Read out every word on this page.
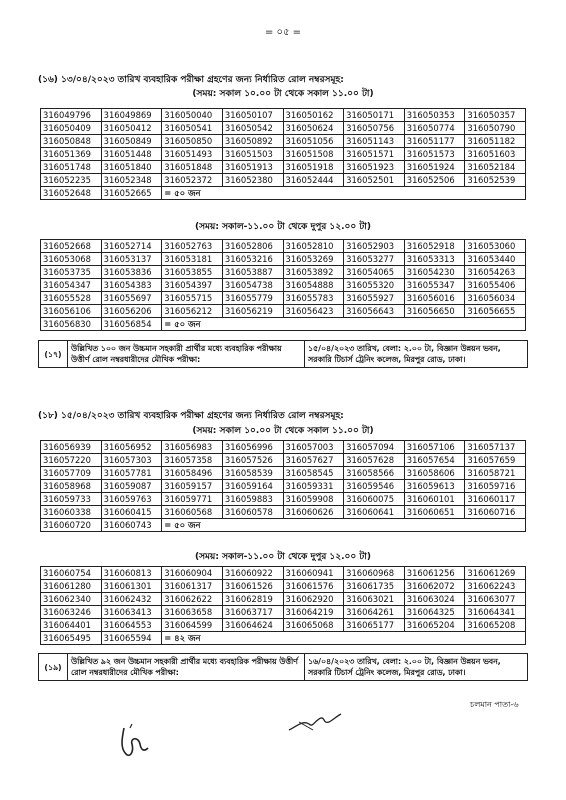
= ০৫ =
(১৬) ১৩/০৪/২০২৩ তারিখ ব্যবহারিক পরীক্ষা গ্রহণের জন্য নির্ধারিত রোল নম্বরসমূহ:
(সময়: সকাল ১০.০০ টা থেকে সকাল ১১.০০ টা)
316049796	316049869	316050040	316050107	316050162	316050171	316050353	316050357
316050409	316050412	316050541	316050542	316050624	316050756	316050774	316050790
316050848	316050849	316050850	316050892	316051056	316051143	316051177	316051182
316051369	316051448	316051493	316051503	316051508	316051571	316051573	316051603
316051748	316051840	316051848	316051913	316051918	316051923	316051924	316052184
316052235	316052348	316052372	316052380	316052444	316052501	316052506	316052539
316052648	316052665	= ৫০ জন					
(সময়: সকাল-১১.০০ টা থেকে দুপুর ১২.০০ টা)
316052668	316052714	316052763	316052806	316052810	316052903	316052918	316053060
316053068	316053137	316053181	316053216	316053269	316053277	316053313	316053440
316053735	316053836	316053855	316053887	316053892	316054065	316054230	316054263
316054347	316054383	316054397	316054738	316054888	316055320	316055347	316055406
316055528	316055697	316055715	316055779	316055783	316055927	316056016	316056034
316056106	316056206	316056212	316056219	316056423	316056643	316056650	316056655
316056830	316056854	= ৫০ জন					
(১৭)	উল্লিখিত ১০০ জন উচ্চমান সহকারী প্রার্থীর মধ্যে ব্যবহারিক পরীক্ষায় উত্তীর্ণ রোল নম্বরধারীদের মৌখিক পরীক্ষা:	১৫/০৪/২০২৩ তারিখ, বেলা: ২.০০ টা, বিজ্ঞান উন্নয়ন ভবন, সরকারি টিচার্স ট্রেনিং কলেজ, মিরপুর রোড, ঢাকা।
(১৮) ১৫/০৪/২০২৩ তারিখ ব্যবহারিক পরীক্ষা গ্রহণের জন্য নির্ধারিত রোল নম্বরসমূহ:
(সময়: সকাল ১০.০০ টা থেকে সকাল ১১.০০ টা)
316056939	316056952	316056983	316056996	316057003	316057094	316057106	316057137
316057220	316057303	316057358	316057526	316057627	316057628	316057654	316057659
316057709	316057781	316058496	316058539	316058545	316058566	316058606	316058721
316058968	316059087	316059157	316059164	316059331	316059546	316059613	316059716
316059733	316059763	316059771	316059883	316059908	316060075	316060101	316060117
316060338	316060415	316060568	316060578	316060626	316060641	316060651	316060716
316060720	316060743	= ৫০ জন					
(সময়: সকাল-১১.০০ টা থেকে দুপুর ১২.০০ টা)
316060754	316060813	316060904	316060922	316060941	316060968	316061256	316061269
316061280	316061301	316061317	316061526	316061576	316061735	316062072	316062243
316062340	316062432	316062622	316062819	316062920	316063021	316063024	316063077
316063246	316063413	316063658	316063717	316064219	316064261	316064325	316064341
316064401	316064553	316064599	316064624	316065068	316065177	316065204	316065208
316065495	316065594	= ৪২ জন					
(১৯)	উল্লিখিত ৯২ জন উচ্চমান সহকারী প্রার্থীর মধ্যে ব্যবহারিক পরীক্ষায় উত্তীর্ণ রোল নম্বরধারীদের মৌখিক পরীক্ষা:	১৬/০৪/২০২৩ তারিখ, বেলা: ২.০০ টা, বিজ্ঞান উন্নয়ন ভবন, সরকারি টিচার্স ট্রেনিং কলেজ, মিরপুর রোড, ঢাকা।
চলমান পাতা-৬
